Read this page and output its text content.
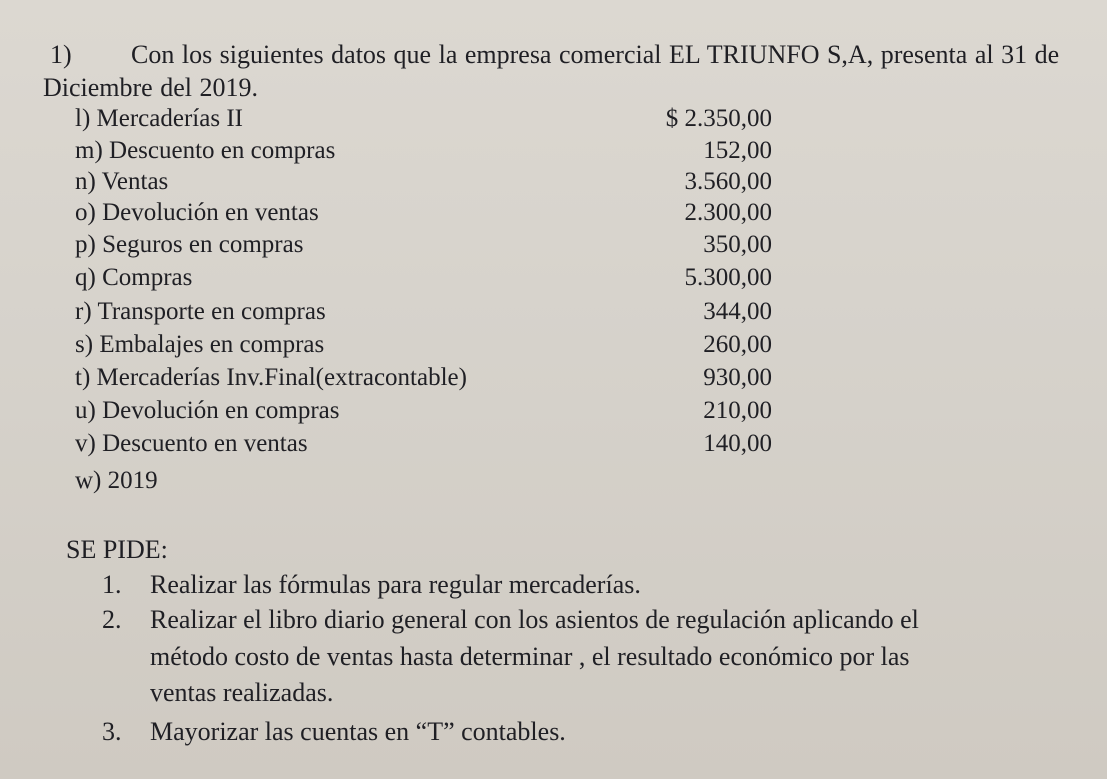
1) Con los siguientes datos que la empresa comercial EL TRIUNFO S,A, presenta al 31 de Diciembre del 2019.
l) Mercaderías II	$ 2.350,00
m) Descuento en compras	152,00
n) Ventas	3.560,00
o) Devolución en ventas	2.300,00
p) Seguros en compras	350,00
q) Compras	5.300,00
r) Transporte en compras	344,00
s) Embalajes en compras	260,00
t) Mercaderías Inv.Final(extracontable)	930,00
u) Devolución en compras	210,00
v) Descuento en ventas	140,00
w) 2019
SE PIDE:
1. Realizar las fórmulas para regular mercaderías.
2. Realizar el libro diario general con los asientos de regulación aplicando el
método costo de ventas hasta determinar , el resultado económico por las
ventas realizadas.
3. Mayorizar las cuentas en “T” contables.
